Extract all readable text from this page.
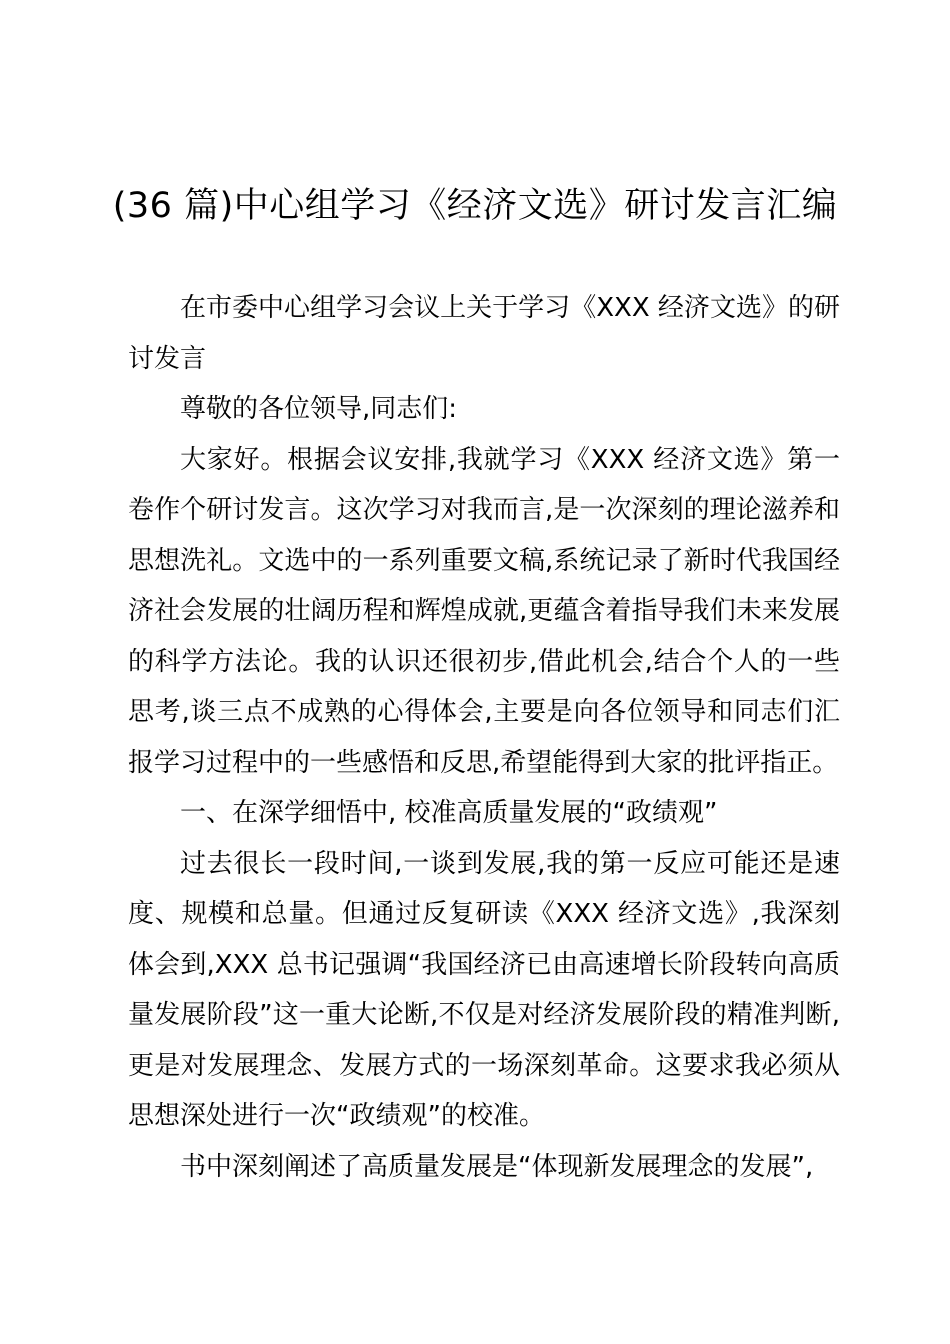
(36 篇)中心组学习《经济文选》研讨发言汇编

在市委中心组学习会议上关于学习《XXX 经济文选》的研讨发言

尊敬的各位领导,同志们:

大家好。根据会议安排,我就学习《XXX 经济文选》第一卷作个研讨发言。这次学习对我而言,是一次深刻的理论滋养和思想洗礼。文选中的一系列重要文稿,系统记录了新时代我国经济社会发展的壮阔历程和辉煌成就,更蕴含着指导我们未来发展的科学方法论。我的认识还很初步,借此机会,结合个人的一些思考,谈三点不成熟的心得体会,主要是向各位领导和同志们汇报学习过程中的一些感悟和反思,希望能得到大家的批评指正。

一、在深学细悟中, 校准高质量发展的“政绩观”

过去很长一段时间,一谈到发展,我的第一反应可能还是速度、规模和总量。但通过反复研读《XXX 经济文选》,我深刻体会到,XXX 总书记强调“我国经济已由高速增长阶段转向高质量发展阶段”这一重大论断,不仅是对经济发展阶段的精准判断,更是对发展理念、发展方式的一场深刻革命。这要求我必须从思想深处进行一次“政绩观”的校准。

书中深刻阐述了高质量发展是“体现新发展理念的发展”,
